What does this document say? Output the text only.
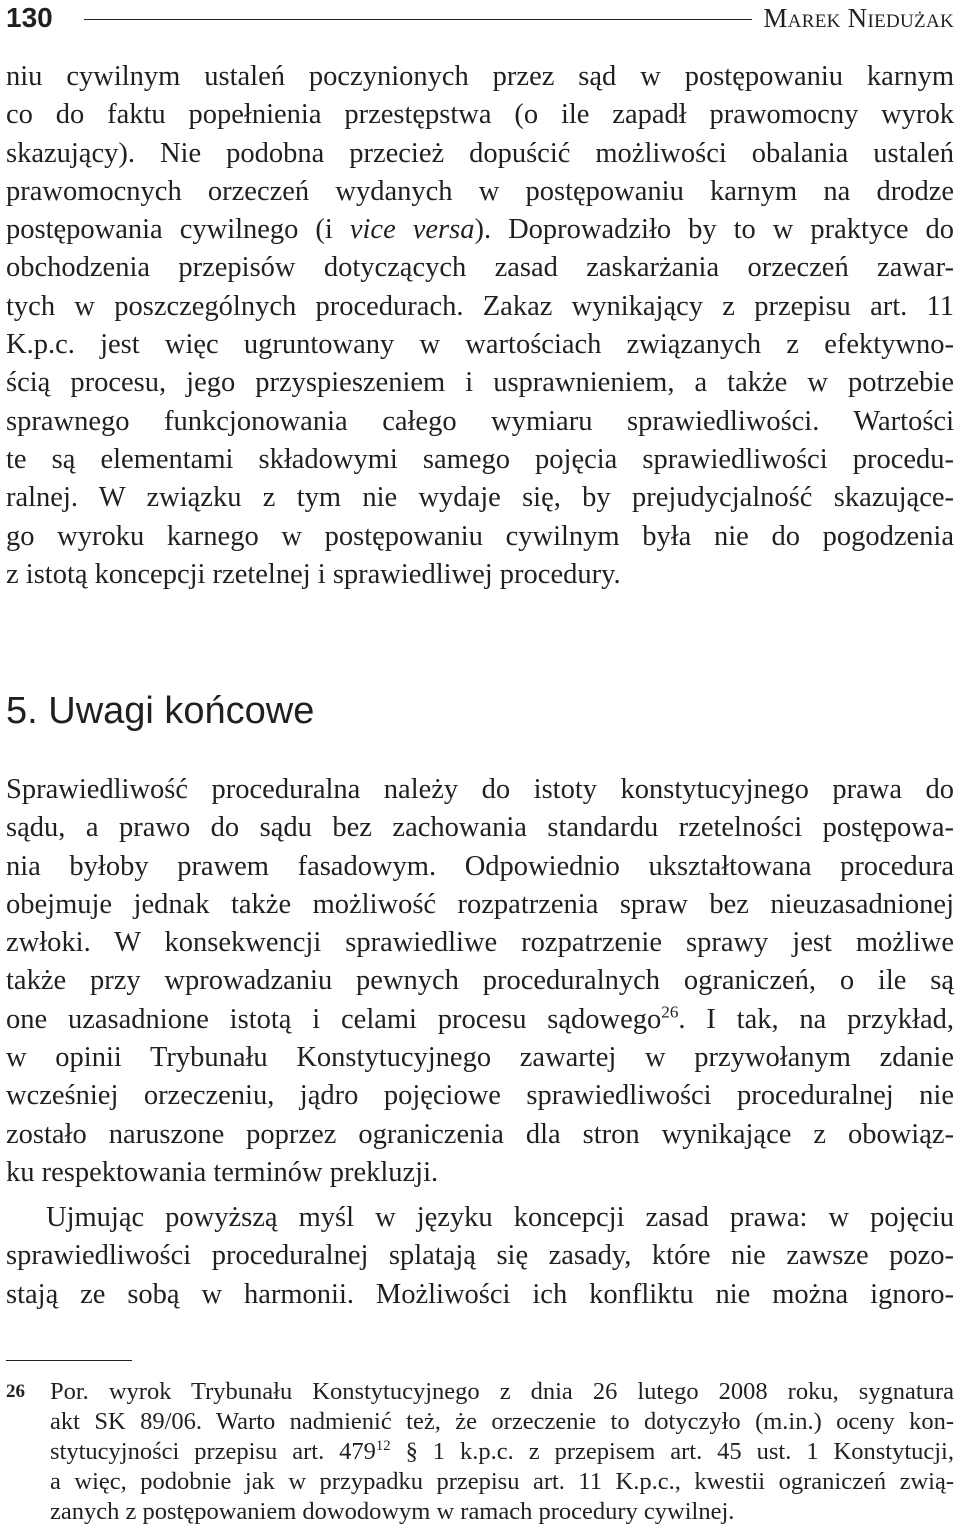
130	Marek Niedużak
niu cywilnym ustaleń poczynionych przez sąd w postępowaniu karnym
co do faktu popełnienia przestępstwa (o ile zapadł prawomocny wyrok
skazujący). Nie podobna przecież dopuścić możliwości obalania ustaleń
prawomocnych orzeczeń wydanych w postępowaniu karnym na drodze
postępowania cywilnego (i vice versa). Doprowadziło by to w praktyce do
obchodzenia przepisów dotyczących zasad zaskarżania orzeczeń zawar-
tych w poszczególnych procedurach. Zakaz wynikający z przepisu art. 11
K.p.c. jest więc ugruntowany w wartościach związanych z efektywno-
ścią procesu, jego przyspieszeniem i usprawnieniem, a także w potrzebie
sprawnego funkcjonowania całego wymiaru sprawiedliwości. Wartości
te są elementami składowymi samego pojęcia sprawiedliwości procedu-
ralnej. W związku z tym nie wydaje się, by prejudycjalność skazujące-
go wyroku karnego w postępowaniu cywilnym była nie do pogodzenia
z istotą koncepcji rzetelnej i sprawiedliwej procedury.
5. Uwagi końcowe
Sprawiedliwość proceduralna należy do istoty konstytucyjnego prawa do
sądu, a prawo do sądu bez zachowania standardu rzetelności postępowa-
nia byłoby prawem fasadowym. Odpowiednio ukształtowana procedura
obejmuje jednak także możliwość rozpatrzenia spraw bez nieuzasadnionej
zwłoki. W konsekwencji sprawiedliwe rozpatrzenie sprawy jest możliwe
także przy wprowadzaniu pewnych proceduralnych ograniczeń, o ile są
one uzasadnione istotą i celami procesu sądowego$^{26}$. I tak, na przykład,
w opinii Trybunału Konstytucyjnego zawartej w przywołanym zdanie
wcześniej orzeczeniu, jądro pojęciowe sprawiedliwości proceduralnej nie
zostało naruszone poprzez ograniczenia dla stron wynikające z obowiąz-
ku respektowania terminów prekluzji.
Ujmując powyższą myśl w języku koncepcji zasad prawa: w pojęciu
sprawiedliwości proceduralnej splatają się zasady, które nie zawsze pozo-
stają ze sobą w harmonii. Możliwości ich konfliktu nie można ignoro-
26 Por. wyrok Trybunału Konstytucyjnego z dnia 26 lutego 2008 roku, sygnatura
akt SK 89/06. Warto nadmienić też, że orzeczenie to dotyczyło (m.in.) oceny kon-
stytucyjności przepisu art. $479^{12}$ § 1 k.p.c. z przepisem art. 45 ust. 1 Konstytucji,
a więc, podobnie jak w przypadku przepisu art. 11 K.p.c., kwestii ograniczeń zwią-
zanych z postępowaniem dowodowym w ramach procedury cywilnej.
